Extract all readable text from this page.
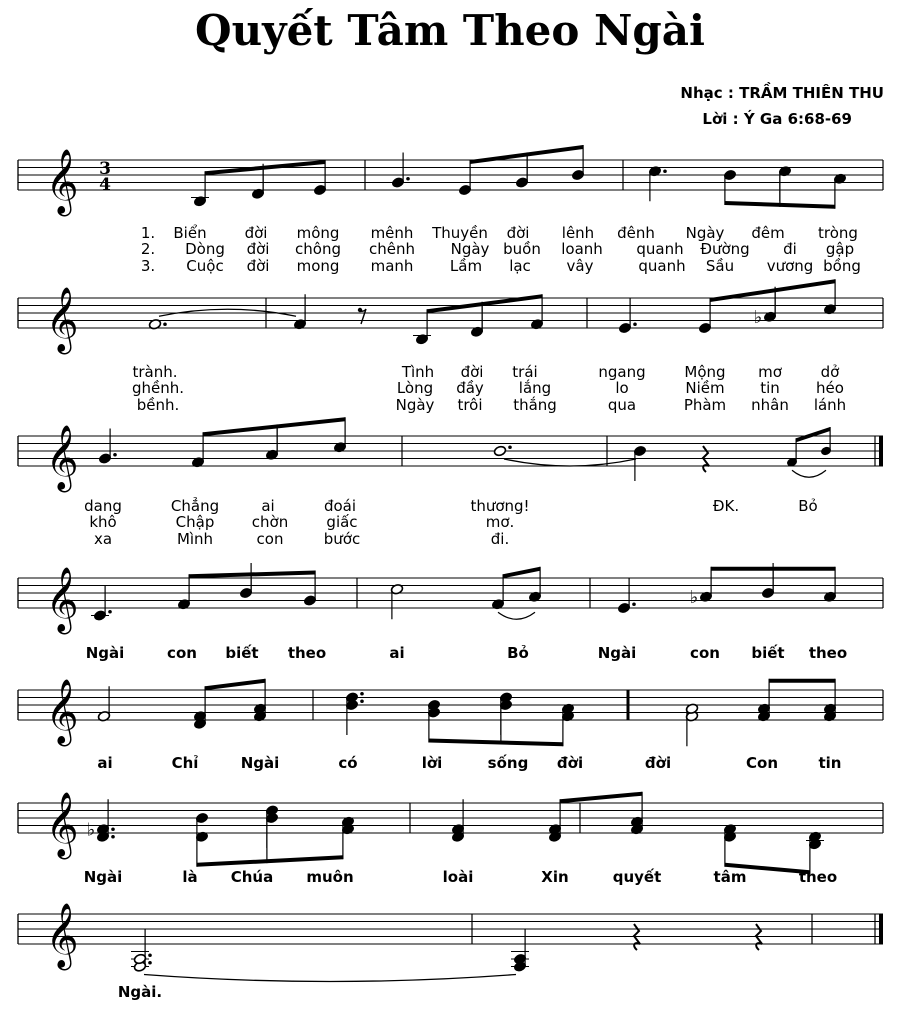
Quyết Tâm Theo Ngài
Nhạc : TRẦM THIÊN THU
Lời : Ý Ga 6:68-69
𝄞 3
4
1. Biển	đời mông mênh Thuyền đời lênh đênh Ngày đêm tròng
2. Dòng đời chông chênh Ngày buồn loanh quanh Đường đi gập
3. Cuộc đời mong manh Lầm lạc vây	quanh Sầu vương bồng
𝄞	♭
trành.	Tình đời trái	ngang	Mộng mơ	dở
ghềnh.	Lòng đầy lắng	lo	Niềm tin héo
bềnh.	Ngày trôi thắng	qua	Phàm nhân lánh
𝄞
dang	Chẳng	ai	đoái	thương!	ĐK.	Bỏ
khô	Chập chờn	giấc	mơ.
xa	Mình	con	bước	đi.
𝄞	♭
Ngài	con biết theo	ai	Bỏ	Ngài	con biết theo
𝄞
ai	Chỉ	Ngài	có	lời	sống đời	đời	Con	tin
𝄞 ♭
Ngài	là Chúa muôn	loài	Xin	quyết	tâm	theo
𝄞
Ngài.
